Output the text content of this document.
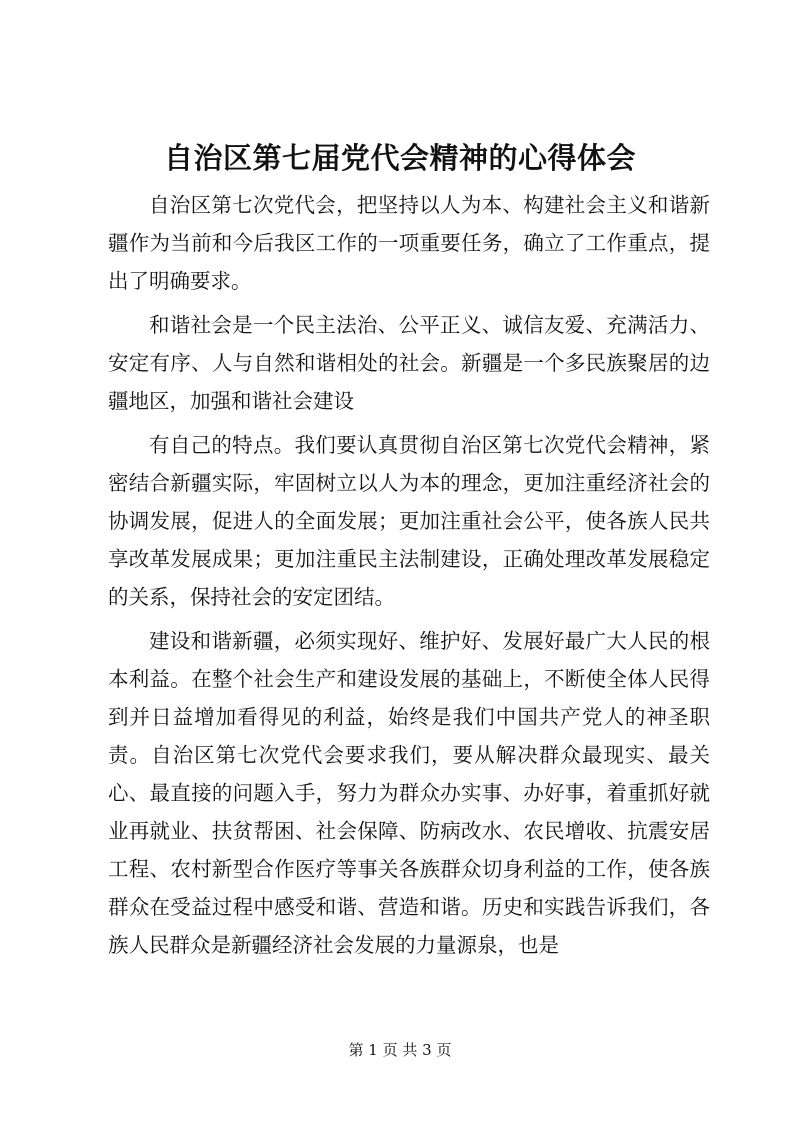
自治区第七届党代会精神的心得体会

自治区第七次党代会，把坚持以人为本、构建社会主义和谐新疆作为当前和今后我区工作的一项重要任务，确立了工作重点，提出了明确要求。

和谐社会是一个民主法治、公平正义、诚信友爱、充满活力、安定有序、人与自然和谐相处的社会。新疆是一个多民族聚居的边疆地区，加强和谐社会建设

有自己的特点。我们要认真贯彻自治区第七次党代会精神，紧密结合新疆实际，牢固树立以人为本的理念，更加注重经济社会的协调发展，促进人的全面发展；更加注重社会公平，使各族人民共享改革发展成果；更加注重民主法制建设，正确处理改革发展稳定的关系，保持社会的安定团结。

建设和谐新疆，必须实现好、维护好、发展好最广大人民的根本利益。在整个社会生产和建设发展的基础上，不断使全体人民得到并日益增加看得见的利益，始终是我们中国共产党人的神圣职责。自治区第七次党代会要求我们，要从解决群众最现实、最关心、最直接的问题入手，努力为群众办实事、办好事，着重抓好就业再就业、扶贫帮困、社会保障、防病改水、农民增收、抗震安居工程、农村新型合作医疗等事关各族群众切身利益的工作，使各族群众在受益过程中感受和谐、营造和谐。历史和实践告诉我们，各族人民群众是新疆经济社会发展的力量源泉，也是

第 1 页 共 3 页
